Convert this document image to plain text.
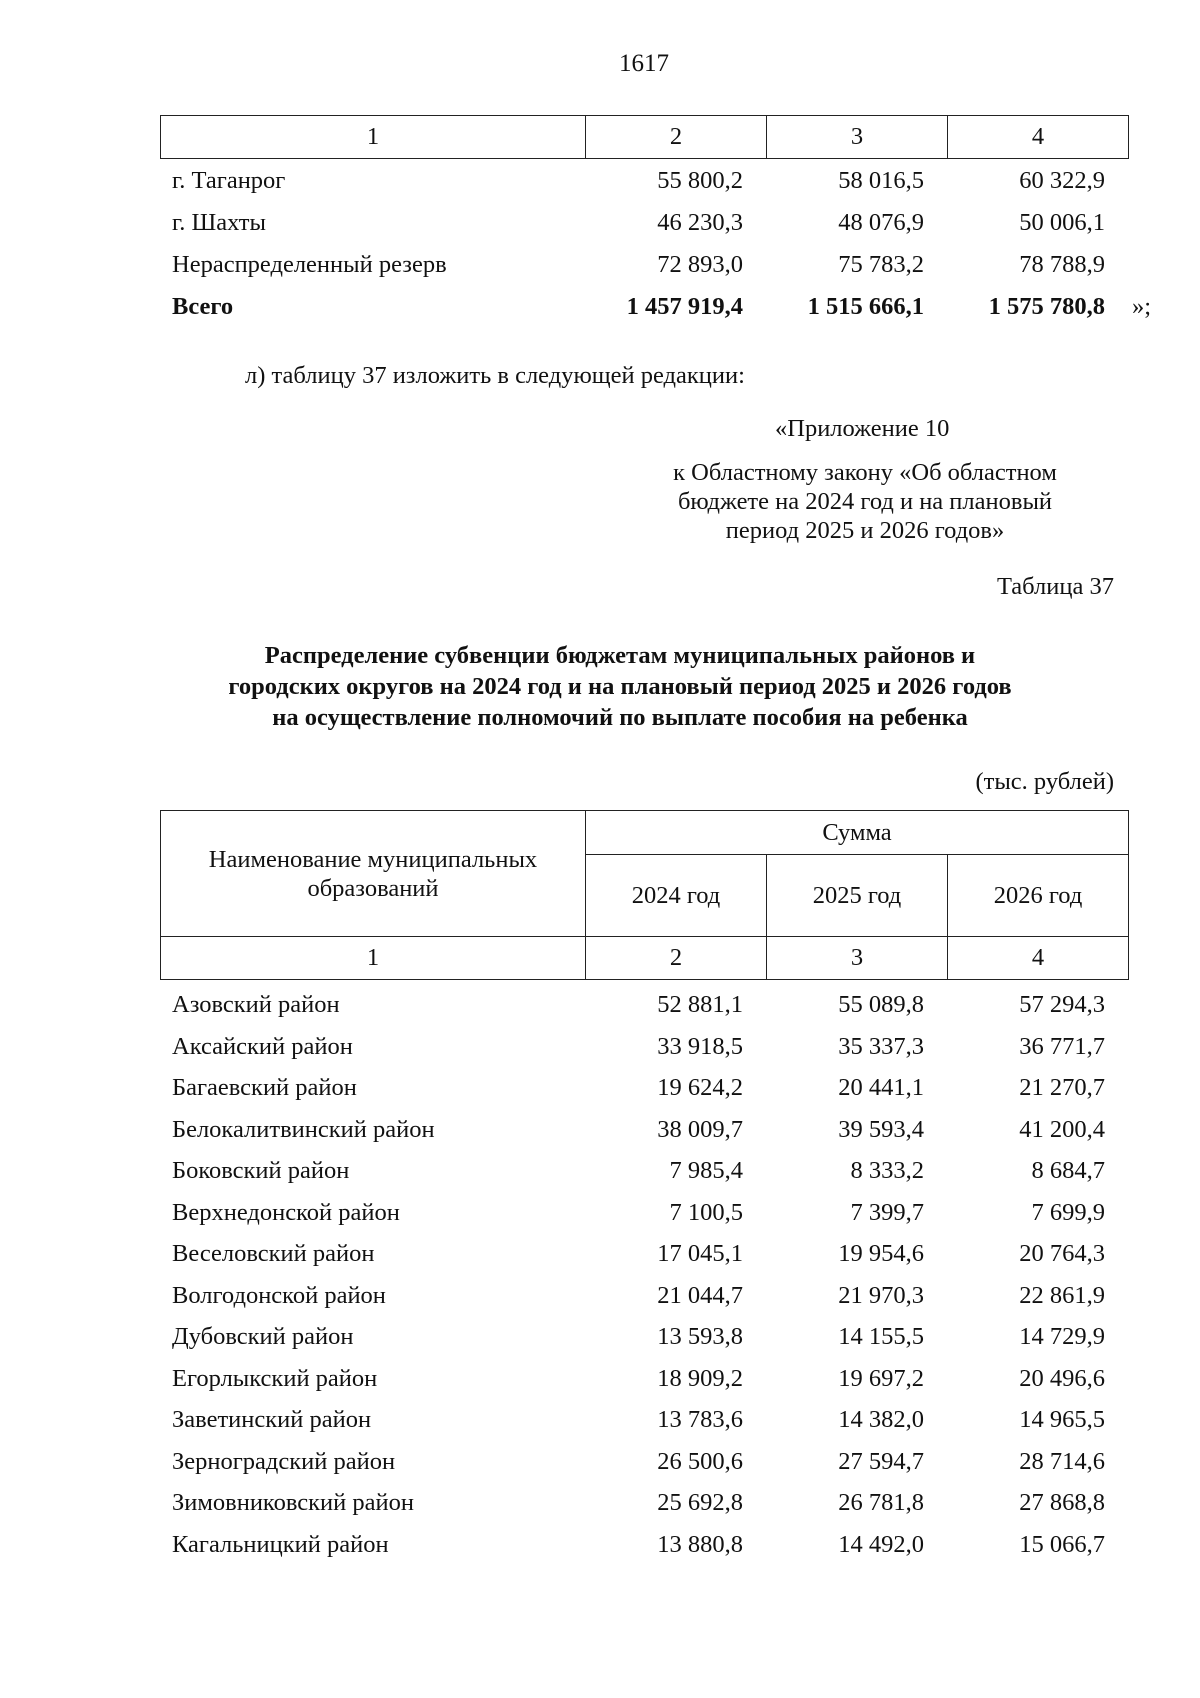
1617
1	2	3	4
г. Таганрог	55 800,2	58 016,5	60 322,9
г. Шахты	46 230,3	48 076,9	50 006,1
Нераспределенный резерв	72 893,0	75 783,2	78 788,9
Всего	1 457 919,4	1 515 666,1	1 575 780,8 »;
л) таблицу 37 изложить в следующей редакции:
«Приложение 10
к Областному закону «Об областном
бюджете на 2024 год и на плановый
период 2025 и 2026 годов»
Таблица 37
Распределение субвенции бюджетам муниципальных районов и
городских округов на 2024 год и на плановый период 2025 и 2026 годов
на осуществление полномочий по выплате пособия на ребенка
(тыс. рублей)
Наименование муниципальных образований	Сумма		
	2024 год	2025 год	2026 год
1	2	3	4
Азовский район	52 881,1	55 089,8	57 294,3
Аксайский район	33 918,5	35 337,3	36 771,7
Багаевский район	19 624,2	20 441,1	21 270,7
Белокалитвинский район	38 009,7	39 593,4	41 200,4
Боковский район	7 985,4	8 333,2	8 684,7
Верхнедонской район	7 100,5	7 399,7	7 699,9
Веселовский район	17 045,1	19 954,6	20 764,3
Волгодонской район	21 044,7	21 970,3	22 861,9
Дубовский район	13 593,8	14 155,5	14 729,9
Егорлыкский район	18 909,2	19 697,2	20 496,6
Заветинский район	13 783,6	14 382,0	14 965,5
Зерноградский район	26 500,6	27 594,7	28 714,6
Зимовниковский район	25 692,8	26 781,8	27 868,8
Кагальницкий район	13 880,8	14 492,0	15 066,7
